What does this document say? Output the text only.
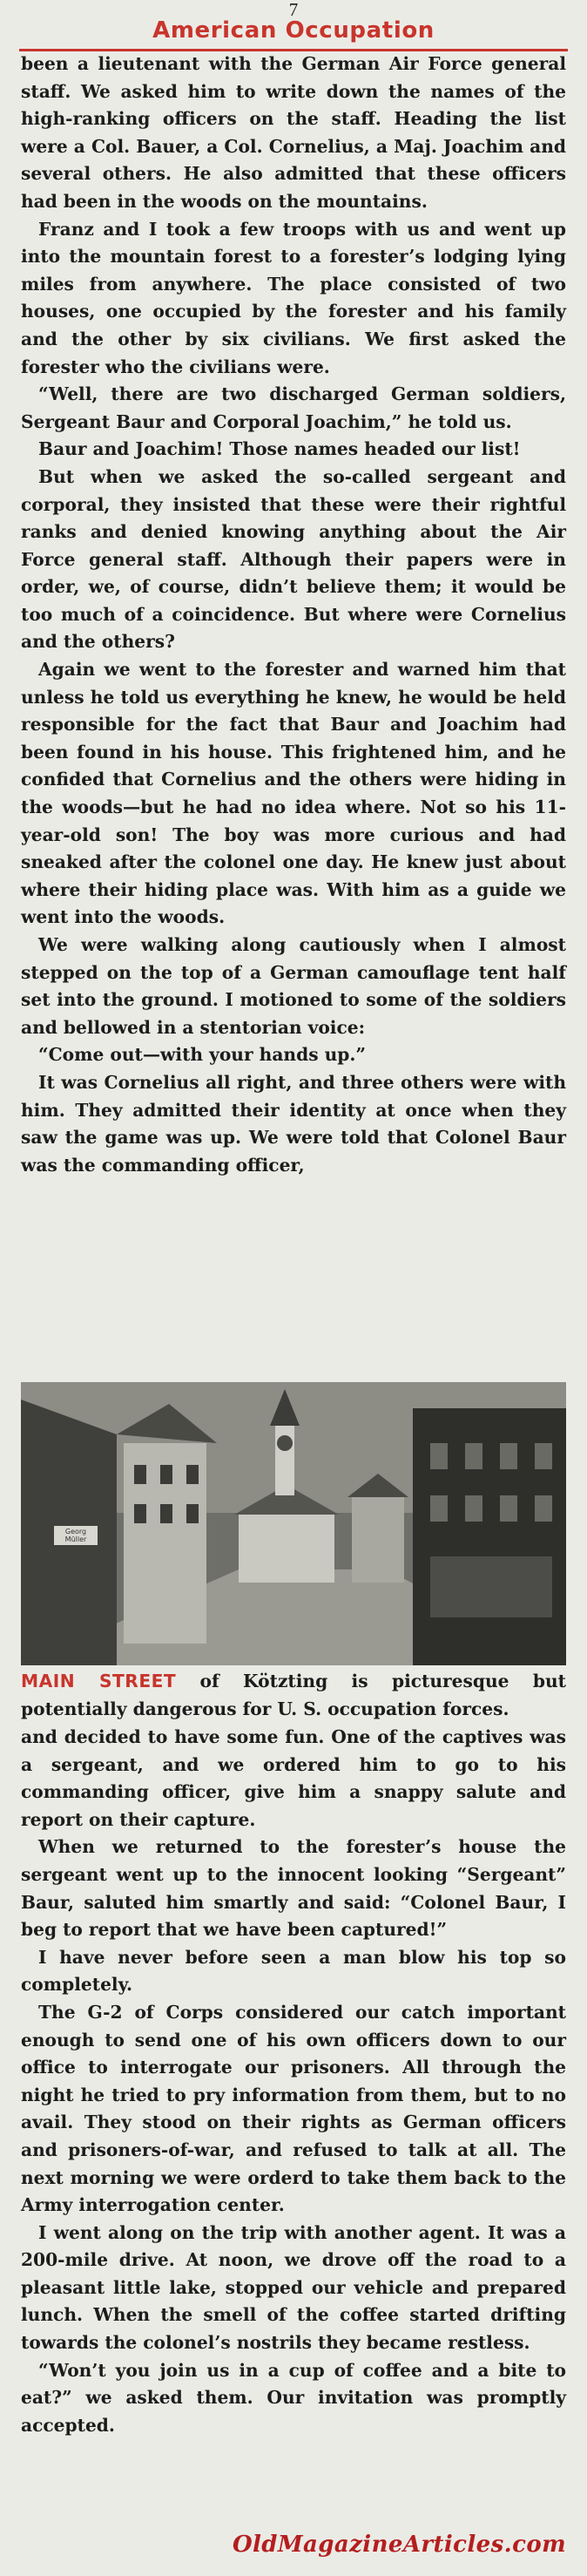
7
American Occupation

been a lieutenant with the German Air Force general staff. We asked him to write down the names of the high-ranking officers on the staff. Heading the list were a Col. Bauer, a Col. Cornelius, a Maj. Joachim and several others. He also admitted that these officers had been in the woods on the mountains.

Franz and I took a few troops with us and went up into the mountain forest to a forester’s lodging lying miles from anywhere. The place consisted of two houses, one occupied by the forester and his family and the other by six civilians. We first asked the forester who the civilians were.

“Well, there are two discharged German soldiers, Sergeant Baur and Corporal Joachim,” he told us.

Baur and Joachim! Those names headed our list!

But when we asked the so-called sergeant and corporal, they insisted that these were their rightful ranks and denied knowing anything about the Air Force general staff. Although their papers were in order, we, of course, didn’t believe them; it would be too much of a coincidence. But where were Cornelius and the others?

Again we went to the forester and warned him that unless he told us everything he knew, he would be held responsible for the fact that Baur and Joachim had been found in his house. This frightened him, and he confided that Cornelius and the others were hiding in the woods—but he had no idea where. Not so his 11-year-old son! The boy was more curious and had sneaked after the colonel one day. He knew just about where their hiding place was. With him as a guide we went into the woods.

We were walking along cautiously when I almost stepped on the top of a German camouflage tent half set into the ground. I motioned to some of the soldiers and bellowed in a stentorian voice:

“Come out—with your hands up.”

It was Cornelius all right, and three others were with him. They admitted their identity at once when they saw the game was up. We were told that Colonel Baur was the commanding officer,

Georg Müller
MAIN STREET of Kötzting is picturesque but potentially dangerous for U. S. occupation forces.

and decided to have some fun. One of the captives was a sergeant, and we ordered him to go to his commanding officer, give him a snappy salute and report on their capture.

When we returned to the forester’s house the sergeant went up to the innocent looking “Sergeant” Baur, saluted him smartly and said: “Colonel Baur, I beg to report that we have been captured!”

I have never before seen a man blow his top so completely.

The G-2 of Corps considered our catch important enough to send one of his own officers down to our office to interrogate our prisoners. All through the night he tried to pry information from them, but to no avail. They stood on their rights as German officers and prisoners-of-war, and refused to talk at all. The next morning we were orderd to take them back to the Army interrogation center.

I went along on the trip with another agent. It was a 200-mile drive. At noon, we drove off the road to a pleasant little lake, stopped our vehicle and prepared lunch. When the smell of the coffee started drifting towards the colonel’s nostrils they became restless.

“Won’t you join us in a cup of coffee and a bite to eat?” we asked them. Our invitation was promptly accepted.

OldMagazineArticles.com
